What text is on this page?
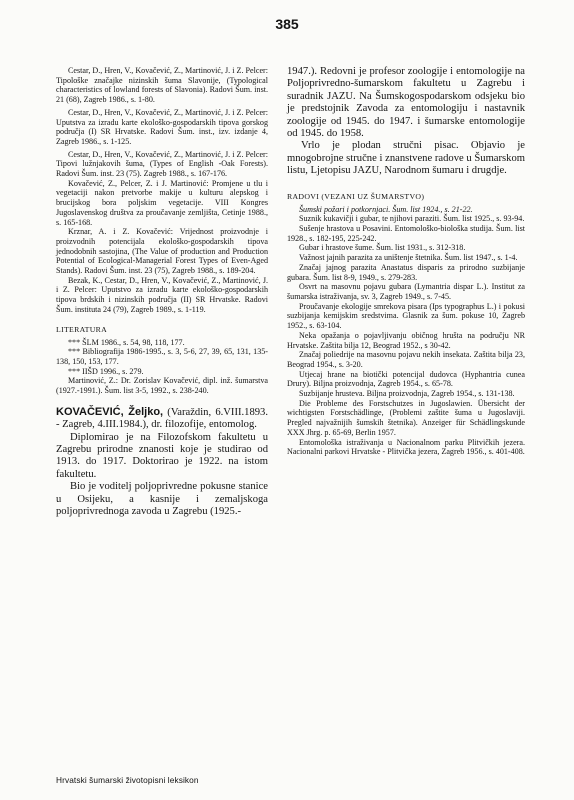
385

Cestar, D., Hren, V., Kovačević, Z., Martinović, J. i Z. Pelcer: Tipološke značajke nizinskih šuma Slavonije, (Typological characteristics of lowland forests of Slavonia). Radovi Šum. inst. 21 (68), Zagreb 1986., s. 1-80.

Cestar, D., Hren, V., Kovačević, Z., Martinović, J. i Z. Pelcer: Uputstva za izradu karte ekološko-gospodarskih tipova gorskog područja (I) SR Hrvatske. Radovi Šum. inst., izv. izdanje 4, Zagreb 1986., s. 1-125.

Cestar, D., Hren, V., Kovačević, Z., Martinović, J. i Z. Pelcer: Tipovi lužnjakovih šuma, (Types of English -Oak Forests). Radovi Šum. inst. 23 (75). Zagreb 1988., s. 167-176.

Kovačević, Z., Pelcer, Z. i J. Martinović: Promjene u tlu i vegetaciji nakon pretvorbe makije u kulturu alepskog i brucijskog bora poljskim vegetacije. VIII Kongres Jugoslavenskog društva za proučavanje zemljišta, Cetinje 1988., s. 165-168.

Krznar, A. i Z. Kovačević: Vrijednost proizvodnje i proizvodnih potencijala ekološko-gospodarskih tipova jednodobnih sastojina, (The Value of production and Production Potential of Ecological-Managerial Forest Types of Even-Aged Stands). Radovi Šum. inst. 23 (75), Zagreb 1988., s. 189-204.

Bezak, K., Cestar, D., Hren, V., Kovačević, Z., Martinović, J. i Z. Pelcer: Uputstvo za izradu karte ekološko-gospodarskih tipova brdskih i nizinskih područja (II) SR Hrvatske. Radovi Šum. instituta 24 (79), Zagreb 1989., s. 1-119.

LITERATURA

*** ŠLM 1986., s. 54, 98, 118, 177.

*** Bibliografija 1986-1995., s. 3, 5-6, 27, 39, 65, 131, 135-138, 150, 153, 177.

*** IIŠD 1996., s. 279.

Martinović, Z.: Dr. Zorislav Kovačević, dipl. inž. šumarstva (1927.-1991.). Šum. list 3-5, 1992., s. 238-240.

KOVAČEVIĆ, Željko, (Varaždin, 6.VIII.1893. - Zagreb, 4.III.1984.), dr. filozofije, entomolog.

Diplomirao je na Filozofskom fakultetu u Zagrebu prirodne znanosti koje je studirao od 1913. do 1917. Doktorirao je 1922. na istom fakultetu.

Bio je voditelj poljoprivredne pokusne stanice u Osijeku, a kasnije i zemaljskoga poljoprivrednoga zavoda u Zagrebu (1925.-

1947.). Redovni je profesor zoologije i entomologije na Poljoprivredno-šumarskom fakultetu u Zagrebu i suradnik JAZU. Na Šumskogospodarskom odsjeku bio je predstojnik Zavoda za entomologiju i nastavnik zoologije od 1945. do 1947. i šumarske entomologije od 1945. do 1958.

Vrlo je plodan stručni pisac. Objavio je mnogobrojne stručne i znanstvene radove u Šumarskom listu, Ljetopisu JAZU, Narodnom šumaru i drugdje.

RADOVI (VEZANI UZ ŠUMARSTVO)

Šumski požari i potkornjaci. Šum. list 1924., s. 21-22.

Suznik kukavičji i gubar, te njihovi paraziti. Šum. list 1925., s. 93-94.

Sušenje hrastova u Posavini. Entomološko-biološka studija. Šum. list 1928., s. 182-195, 225-242.

Gubar i hrastove šume. Šum. list 1931., s. 312-318.

Važnost jajnih parazita za uništenje štetnika. Šum. list 1947., s. 1-4.

Značaj jajnog parazita Anastatus disparis za prirodno suzbijanje gubara. Šum. list 8-9, 1949., s. 279-283.

Osvrt na masovnu pojavu gubara (Lymantria dispar L.). Institut za šumarska istraživanja, sv. 3, Zagreb 1949., s. 7-45.

Proučavanje ekologije smrekova pisara (Ips typographus L.) i pokusi suzbijanja kemijskim sredstvima. Glasnik za šum. pokuse 10, Zagreb 1952., s. 63-104.

Neka opažanja o pojavljivanju običnog hrušta na području NR Hrvatske. Zaštita bilja 12, Beograd 1952., s 30-42.

Značaj poliedrije na masovnu pojavu nekih insekata. Zaštita bilja 23, Beograd 1954., s. 3-20.

Utjecaj hrane na biotički potencijal dudovca (Hyphantria cunea Drury). Biljna proizvodnja, Zagreb 1954., s. 65-78.

Suzbijanje hrusteva. Biljna proizvodnja, Zagreb 1954., s. 131-138.

Die Probleme des Forstschutzes in Jugoslawien. Übersicht der wichtigsten Forstschädlinge, (Problemi zaštite šuma u Jugoslaviji. Pregled najvažnijih šumskih štetnika). Anzeiger für Schädlingskunde XXX Jhrg. p. 65-69, Berlin 1957.

Entomološka istraživanja u Nacionalnom parku Plitvičkih jezera. Nacionalni parkovi Hrvatske - Plitvička jezera, Zagreb 1956., s. 401-408.

Hrvatski šumarski životopisni leksikon
